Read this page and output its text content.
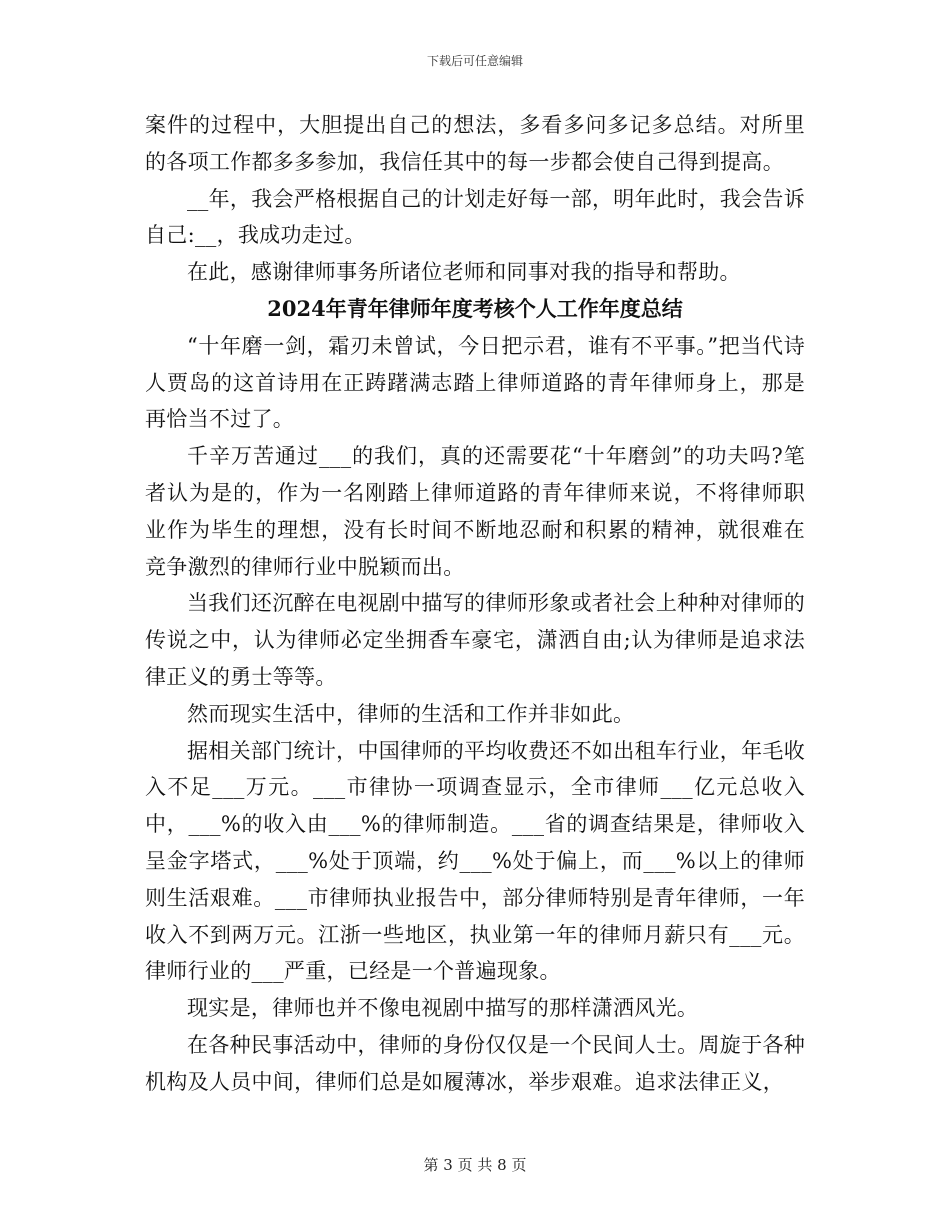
下载后可任意编辑

案件的过程中，大胆提出自己的想法，多看多问多记多总结。对所里的各项工作都多多参加，我信任其中的每一步都会使自己得到提高。

__年，我会严格根据自己的计划走好每一部，明年此时，我会告诉自己:__，我成功走过。

在此，感谢律师事务所诸位老师和同事对我的指导和帮助。

2024年青年律师年度考核个人工作年度总结

“十年磨一剑，霜刃未曾试，今日把示君，谁有不平事。”把当代诗人贾岛的这首诗用在正踌躇满志踏上律师道路的青年律师身上，那是再恰当不过了。

千辛万苦通过___的我们，真的还需要花“十年磨剑”的功夫吗?笔者认为是的，作为一名刚踏上律师道路的青年律师来说，不将律师职业作为毕生的理想，没有长时间不断地忍耐和积累的精神，就很难在竞争激烈的律师行业中脱颖而出。

当我们还沉醉在电视剧中描写的律师形象或者社会上种种对律师的传说之中，认为律师必定坐拥香车豪宅，潇洒自由;认为律师是追求法律正义的勇士等等。

然而现实生活中，律师的生活和工作并非如此。

据相关部门统计，中国律师的平均收费还不如出租车行业，年毛收入不足___万元。___市律协一项调查显示，全市律师___亿元总收入中，___%的收入由___%的律师制造。___省的调查结果是，律师收入呈金字塔式，___%处于顶端，约___%处于偏上，而___%以上的律师则生活艰难。___市律师执业报告中，部分律师特别是青年律师，一年收入不到两万元。江浙一些地区，执业第一年的律师月薪只有___元。律师行业的___严重，已经是一个普遍现象。

现实是，律师也并不像电视剧中描写的那样潇洒风光。

在各种民事活动中，律师的身份仅仅是一个民间人士。周旋于各种机构及人员中间，律师们总是如履薄冰，举步艰难。追求法律正义，

第 3 页 共 8 页
